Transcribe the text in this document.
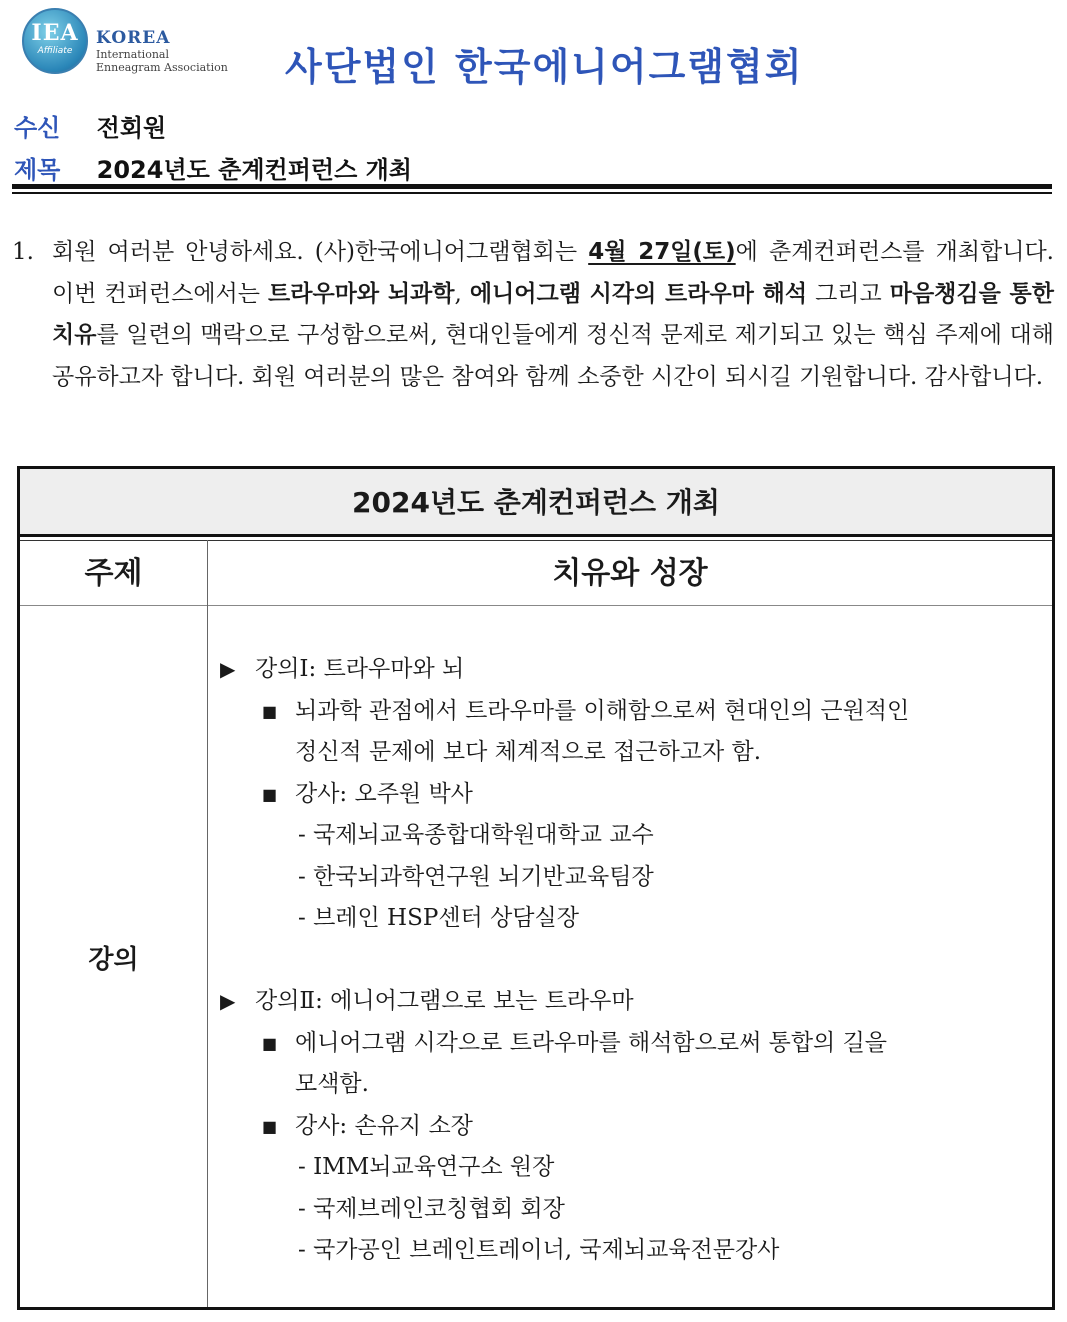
IEA
Affiliate
KOREA
International
Enneagram Association 사단법인 한국에니어그램협회
수신 전회원
제목 2024년도 춘계컨퍼런스 개최
1. 회원 여러분 안녕하세요. (사)한국에니어그램협회는 4월 27일(토)에 춘계컨퍼런스를 개최합니다. 이번 컨퍼런스에서는 트라우마와 뇌과학, 에니어그램 시각의 트라우마 해석 그리고 마음챙김을 통한 치유를 일련의 맥락으로 구성함으로써, 현대인들에게 정신적 문제로 제기되고 있는 핵심 주제에 대해 공유하고자 합니다. 회원 여러분의 많은 참여와 함께 소중한 시간이 되시길 기원합니다. 감사합니다.
2024년도 춘계컨퍼런스 개최
주제	치유와 성장
강의
▶ 강의Ⅰ: 트라우마와 뇌
■ 뇌과학 관점에서 트라우마를 이해함으로써 현대인의 근원적인
정신적 문제에 보다 체계적으로 접근하고자 함.
■ 강사: 오주원 박사
- 국제뇌교육종합대학원대학교 교수
- 한국뇌과학연구원 뇌기반교육팀장
- 브레인 HSP센터 상담실장
▶ 강의Ⅱ: 에니어그램으로 보는 트라우마
■ 에니어그램 시각으로 트라우마를 해석함으로써 통합의 길을
모색함.
■ 강사: 손유지 소장
- IMM뇌교육연구소 원장
- 국제브레인코칭협회 회장
- 국가공인 브레인트레이너, 국제뇌교육전문강사
